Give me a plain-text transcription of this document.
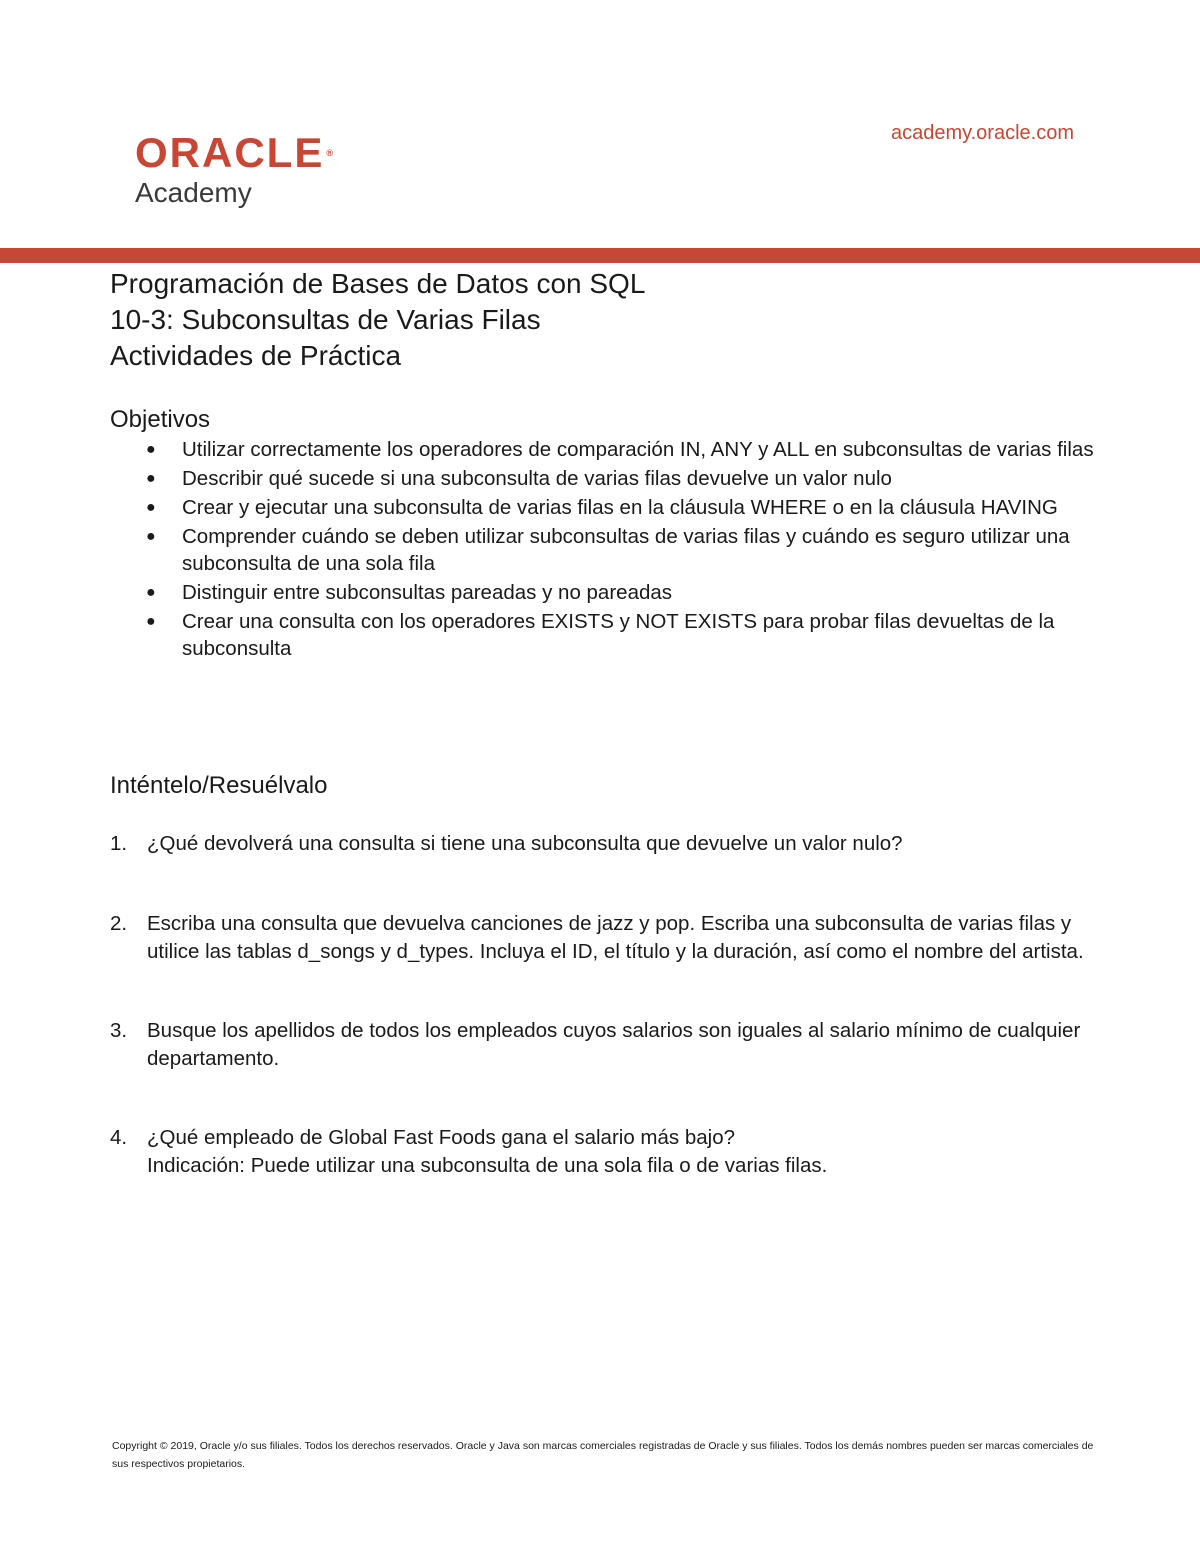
ORACLE ®
Academy
academy.oracle.com
Programación de Bases de Datos con SQL
10-3: Subconsultas de Varias Filas
Actividades de Práctica
Objetivos
● Utilizar correctamente los operadores de comparación IN, ANY y ALL en subconsultas de varias filas
● Describir qué sucede si una subconsulta de varias filas devuelve un valor nulo
● Crear y ejecutar una subconsulta de varias filas en la cláusula WHERE o en la cláusula HAVING
● Comprender cuándo se deben utilizar subconsultas de varias filas y cuándo es seguro utilizar una subconsulta de una sola fila
● Distinguir entre subconsultas pareadas y no pareadas
● Crear una consulta con los operadores EXISTS y NOT EXISTS para probar filas devueltas de la subconsulta
Inténtelo/Resuélvalo
1. ¿Qué devolverá una consulta si tiene una subconsulta que devuelve un valor nulo?
2. Escriba una consulta que devuelva canciones de jazz y pop. Escriba una subconsulta de varias filas y utilice las tablas d_songs y d_types. Incluya el ID, el título y la duración, así como el nombre del artista.
3. Busque los apellidos de todos los empleados cuyos salarios son iguales al salario mínimo de cualquier departamento.
4. ¿Qué empleado de Global Fast Foods gana el salario más bajo?
Indicación: Puede utilizar una subconsulta de una sola fila o de varias filas.
Copyright © 2019, Oracle y/o sus filiales. Todos los derechos reservados. Oracle y Java son marcas comerciales registradas de Oracle y sus filiales. Todos los demás nombres pueden ser marcas comerciales de sus respectivos propietarios.
